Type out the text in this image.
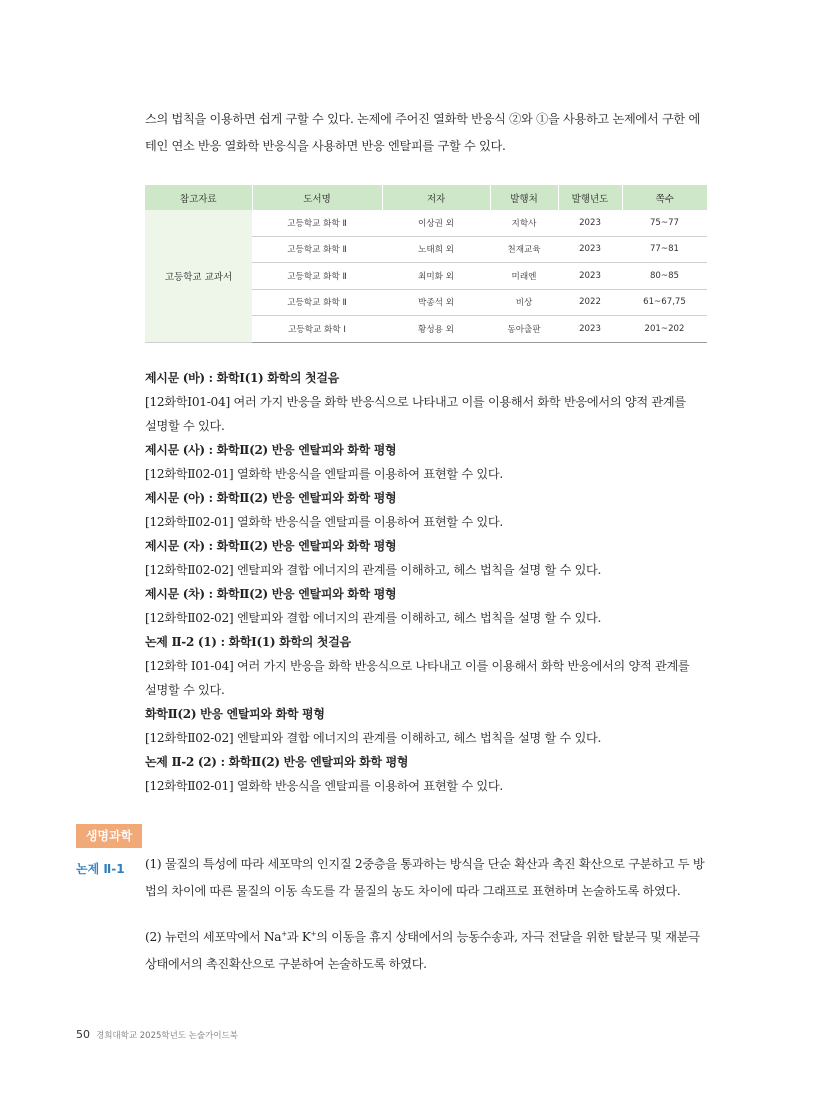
스의 법칙을 이용하면 쉽게 구할 수 있다. 논제에 주어진 열화학 반응식 ②와 ①을 사용하고 논제에서 구한 에

테인 연소 반응 열화학 반응식을 사용하면 반응 엔탈피를 구할 수 있다.

참고자료	도서명	저자	발행처	발행년도	쪽수
고등학교 교과서	고등학교 화학 Ⅱ	이상권 외	지학사	2023	75~77
	고등학교 화학 Ⅱ	노태희 외	천재교육	2023	77~81
	고등학교 화학 Ⅱ	최미화 외	미래엔	2023	80~85
	고등학교 화학 Ⅱ	박종석 외	비상	2022	61~67,75
	고등학교 화학 Ⅰ	황성용 외	동아출판	2023	201~202

제시문 (바) : 화학Ⅰ(1) 화학의 첫걸음

[12화학Ⅰ01-04] 여러 가지 반응을 화학 반응식으로 나타내고 이를 이용해서 화학 반응에서의 양적 관계를

설명할 수 있다.

제시문 (사) : 화학Ⅱ(2) 반응 엔탈피와 화학 평형

[12화학Ⅱ02-01] 열화학 반응식을 엔탈피를 이용하여 표현할 수 있다.

제시문 (아) : 화학Ⅱ(2) 반응 엔탈피와 화학 평형

[12화학Ⅱ02-01] 열화학 반응식을 엔탈피를 이용하여 표현할 수 있다.

제시문 (자) : 화학Ⅱ(2) 반응 엔탈피와 화학 평형

[12화학Ⅱ02-02] 엔탈피와 결합 에너지의 관계를 이해하고, 헤스 법칙을 설명 할 수 있다.

제시문 (차) : 화학Ⅱ(2) 반응 엔탈피와 화학 평형

[12화학Ⅱ02-02] 엔탈피와 결합 에너지의 관계를 이해하고, 헤스 법칙을 설명 할 수 있다.

논제 Ⅱ-2 (1) : 화학Ⅰ(1) 화학의 첫걸음

[12화학 Ⅰ01-04] 여러 가지 반응을 화학 반응식으로 나타내고 이를 이용해서 화학 반응에서의 양적 관계를

설명할 수 있다.

화학Ⅱ(2) 반응 엔탈피와 화학 평형

[12화학Ⅱ02-02] 엔탈피와 결합 에너지의 관계를 이해하고, 헤스 법칙을 설명 할 수 있다.

논제 Ⅱ-2 (2) : 화학Ⅱ(2) 반응 엔탈피와 화학 평형

[12화학Ⅱ02-01] 열화학 반응식을 엔탈피를 이용하여 표현할 수 있다.

생명과학
논제 Ⅱ-1 (1) 물질의 특성에 따라 세포막의 인지질 2중층을 통과하는 방식을 단순 확산과 촉진 확산으로 구분하고 두 방

법의 차이에 따른 물질의 이동 속도를 각 물질의 농도 차이에 따라 그래프로 표현하며 논술하도록 하였다.

(2) 뉴런의 세포막에서 Na+과 K+의 이동을 휴지 상태에서의 능동수송과, 자극 전달을 위한 탈분극 및 재분극

상태에서의 촉진확산으로 구분하여 논술하도록 하였다.

50 경희대학교 2025학년도 논술가이드북
